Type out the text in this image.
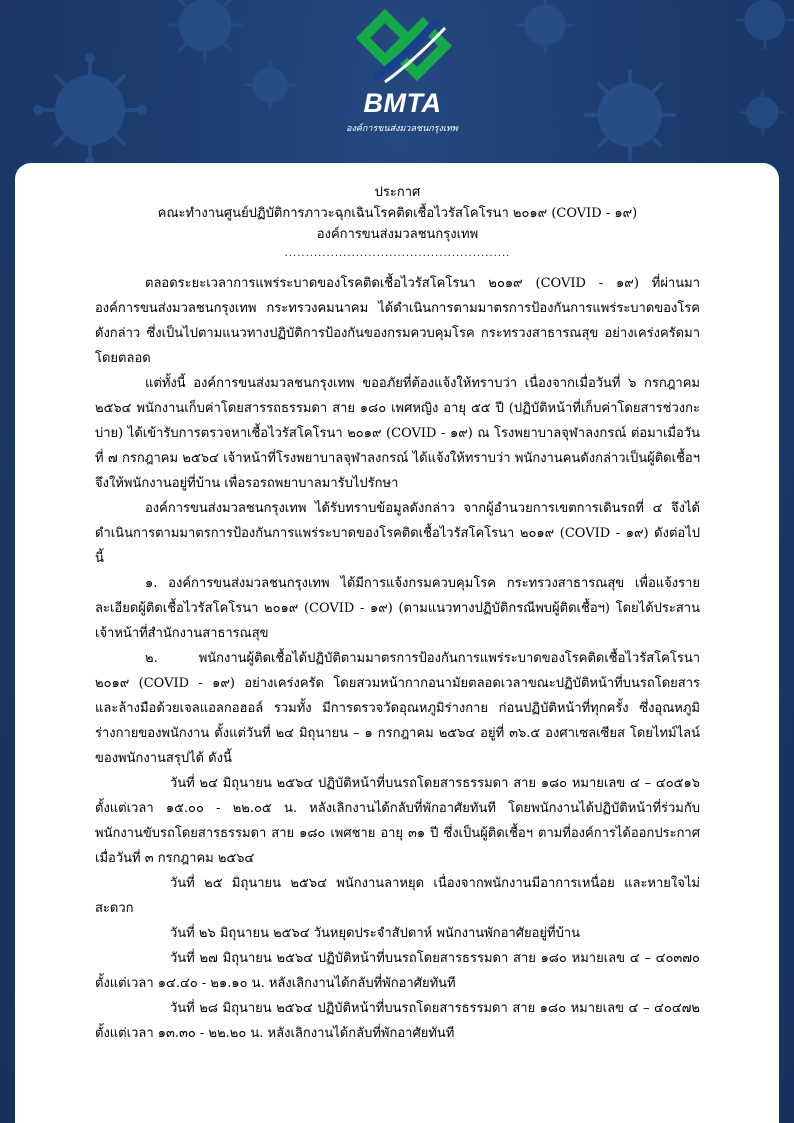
BMTA
องค์การขนส่งมวลชนกรุงเทพ
ประกาศ
คณะทำงานศูนย์ปฏิบัติการภาวะฉุกเฉินโรคติดเชื้อไวรัสโคโรนา ๒๐๑๙ (COVID - ๑๙)
องค์การขนส่งมวลชนกรุงเทพ
......................................................

ตลอดระยะเวลาการแพร่ระบาดของโรคติดเชื้อไวรัสโคโรนา ๒๐๑๙ (COVID - ๑๙) ที่ผ่านมาองค์การขนส่งมวลชนกรุงเทพ กระทรวงคมนาคม ได้ดำเนินการตามมาตรการป้องกันการแพร่ระบาดของโรคดังกล่าว ซึ่งเป็นไปตามแนวทางปฏิบัติการป้องกันของกรมควบคุมโรค กระทรวงสาธารณสุข อย่างเคร่งครัดมาโดยตลอด

แต่ทั้งนี้ องค์การขนส่งมวลชนกรุงเทพ ขออภัยที่ต้องแจ้งให้ทราบว่า เนื่องจากเมื่อวันที่ ๖ กรกฎาคม ๒๕๖๔ พนักงานเก็บค่าโดยสารรถธรรมดา สาย ๑๘๐ เพศหญิง อายุ ๕๕ ปี (ปฏิบัติหน้าที่เก็บค่าโดยสารช่วงกะบ่าย) ได้เข้ารับการตรวจหาเชื้อไวรัสโคโรนา ๒๐๑๙ (COVID - ๑๙) ณ โรงพยาบาลจุฬาลงกรณ์ ต่อมาเมื่อวันที่ ๗ กรกฎาคม ๒๕๖๔ เจ้าหน้าที่โรงพยาบาลจุฬาลงกรณ์ ได้แจ้งให้ทราบว่า พนักงานคนดังกล่าวเป็นผู้ติดเชื้อฯ จึงให้พนักงานอยู่ที่บ้าน เพื่อรอรถพยาบาลมารับไปรักษา

องค์การขนส่งมวลชนกรุงเทพ ได้รับทราบข้อมูลดังกล่าว จากผู้อำนวยการเขตการเดินรถที่ ๔ จึงได้ดำเนินการตามมาตรการป้องกันการแพร่ระบาดของโรคติดเชื้อไวรัสโคโรนา ๒๐๑๙ (COVID - ๑๙) ดังต่อไปนี้

๑. องค์การขนส่งมวลชนกรุงเทพ ได้มีการแจ้งกรมควบคุมโรค กระทรวงสาธารณสุข เพื่อแจ้งรายละเอียดผู้ติดเชื้อไวรัสโคโรนา ๒๐๑๙ (COVID - ๑๙) (ตามแนวทางปฏิบัติกรณีพบผู้ติดเชื้อฯ) โดยได้ประสานเจ้าหน้าที่สำนักงานสาธารณสุข

๒. พนักงานผู้ติดเชื้อได้ปฏิบัติตามมาตรการป้องกันการแพร่ระบาดของโรคติดเชื้อไวรัสโคโรนา ๒๐๑๙ (COVID - ๑๙) อย่างเคร่งครัด โดยสวมหน้ากากอนามัยตลอดเวลาขณะปฏิบัติหน้าที่บนรถโดยสาร และล้างมือด้วยเจลแอลกอฮอล์ รวมทั้ง มีการตรวจวัดอุณหภูมิร่างกาย ก่อนปฏิบัติหน้าที่ทุกครั้ง ซึ่งอุณหภูมิร่างกายของพนักงาน ตั้งแต่วันที่ ๒๔ มิถุนายน – ๑ กรกฎาคม ๒๕๖๔ อยู่ที่ ๓๖.๕ องศาเซลเซียส โดยไทม์ไลน์ของพนักงานสรุปได้ ดังนี้

วันที่ ๒๔ มิถุนายน ๒๕๖๔ ปฏิบัติหน้าที่บนรถโดยสารธรรมดา สาย ๑๘๐ หมายเลข ๔ – ๔๐๕๑๖ ตั้งแต่เวลา ๑๕.๐๐ - ๒๒.๐๕ น. หลังเลิกงานได้กลับที่พักอาศัยทันที โดยพนักงานได้ปฏิบัติหน้าที่ร่วมกับ พนักงานขับรถโดยสารธรรมดา สาย ๑๘๐ เพศชาย อายุ ๓๑ ปี ซึ่งเป็นผู้ติดเชื้อฯ ตามที่องค์การได้ออกประกาศ เมื่อวันที่ ๓ กรกฎาคม ๒๕๖๔

วันที่ ๒๕ มิถุนายน ๒๕๖๔ พนักงานลาหยุด เนื่องจากพนักงานมีอาการเหนื่อย และหายใจไม่สะดวก

วันที่ ๒๖ มิถุนายน ๒๕๖๔ วันหยุดประจำสัปดาห์ พนักงานพักอาศัยอยู่ที่บ้าน

วันที่ ๒๗ มิถุนายน ๒๕๖๔ ปฏิบัติหน้าที่บนรถโดยสารธรรมดา สาย ๑๘๐ หมายเลข ๔ – ๔๐๓๗๐ ตั้งแต่เวลา ๑๔.๔๐ - ๒๑.๑๐ น. หลังเลิกงานได้กลับที่พักอาศัยทันที

วันที่ ๒๘ มิถุนายน ๒๕๖๔ ปฏิบัติหน้าที่บนรถโดยสารธรรมดา สาย ๑๘๐ หมายเลข ๔ – ๔๐๔๗๒ ตั้งแต่เวลา ๑๓.๓๐ - ๒๒.๒๐ น. หลังเลิกงานได้กลับที่พักอาศัยทันที
